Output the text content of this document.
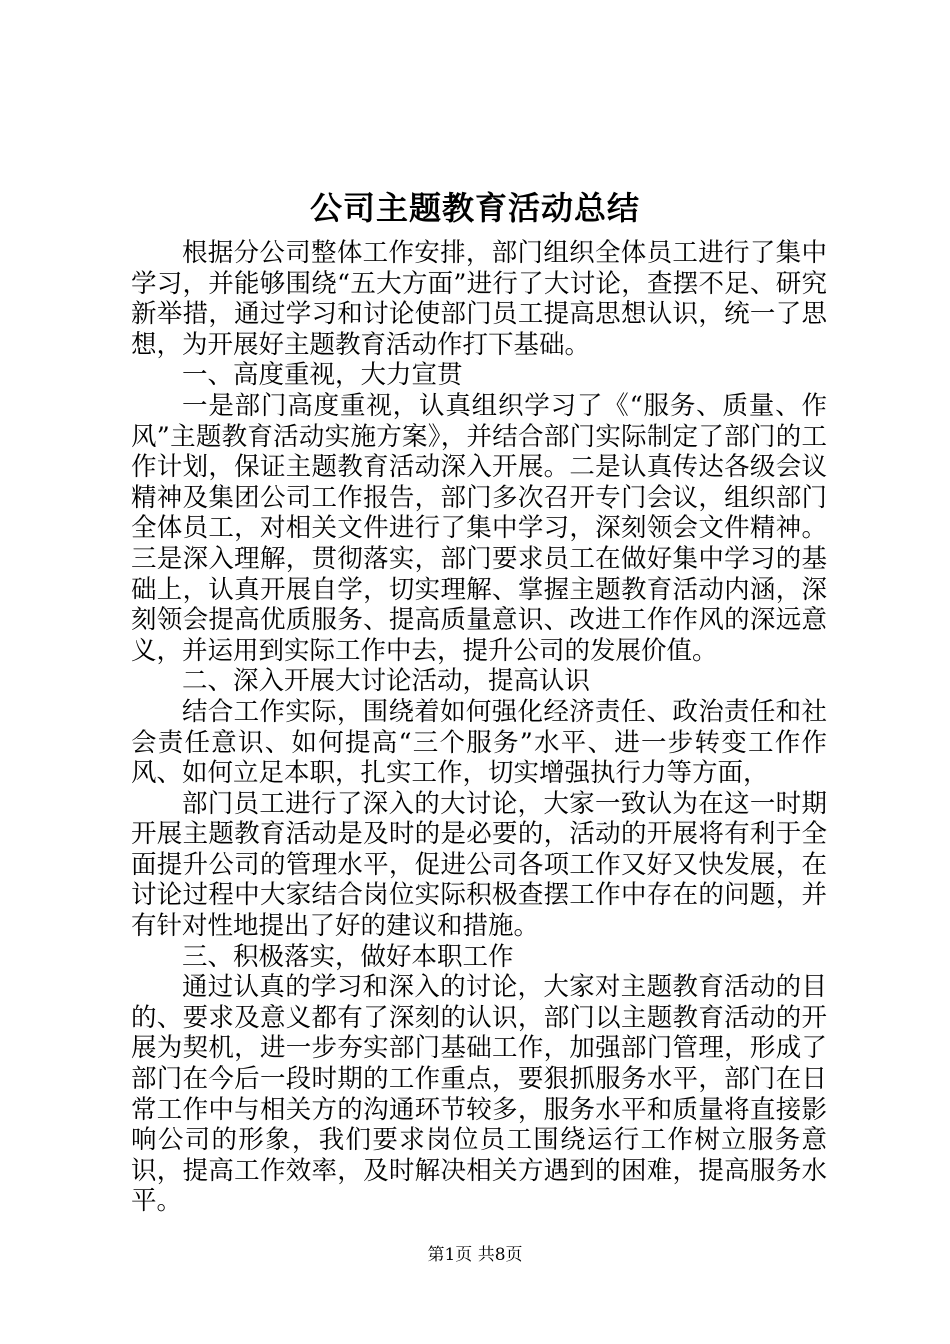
公司主题教育活动总结

根据分公司整体工作安排，部门组织全体员工进行了集中学习，并能够围绕“五大方面”进行了大讨论，查摆不足、研究新举措，通过学习和讨论使部门员工提高思想认识，统一了思想，为开展好主题教育活动作打下基础。

一、高度重视，大力宣贯

一是部门高度重视，认真组织学习了《“服务、质量、作风”主题教育活动实施方案》，并结合部门实际制定了部门的工作计划，保证主题教育活动深入开展。二是认真传达各级会议精神及集团公司工作报告，部门多次召开专门会议，组织部门全体员工，对相关文件进行了集中学习，深刻领会文件精神。三是深入理解，贯彻落实，部门要求员工在做好集中学习的基础上，认真开展自学，切实理解、掌握主题教育活动内涵，深刻领会提高优质服务、提高质量意识、改进工作作风的深远意义，并运用到实际工作中去，提升公司的发展价值。

二、深入开展大讨论活动，提高认识

结合工作实际，围绕着如何强化经济责任、政治责任和社会责任意识、如何提高“三个服务”水平、进一步转变工作作风、如何立足本职，扎实工作，切实增强执行力等方面，

部门员工进行了深入的大讨论，大家一致认为在这一时期开展主题教育活动是及时的是必要的，活动的开展将有利于全面提升公司的管理水平，促进公司各项工作又好又快发展，在讨论过程中大家结合岗位实际积极查摆工作中存在的问题，并有针对性地提出了好的建议和措施。

三、积极落实，做好本职工作

通过认真的学习和深入的讨论，大家对主题教育活动的目的、要求及意义都有了深刻的认识，部门以主题教育活动的开展为契机，进一步夯实部门基础工作，加强部门管理，形成了部门在今后一段时期的工作重点，要狠抓服务水平，部门在日常工作中与相关方的沟通环节较多，服务水平和质量将直接影响公司的形象，我们要求岗位员工围绕运行工作树立服务意识，提高工作效率，及时解决相关方遇到的困难，提高服务水平。

第1页 共8页
